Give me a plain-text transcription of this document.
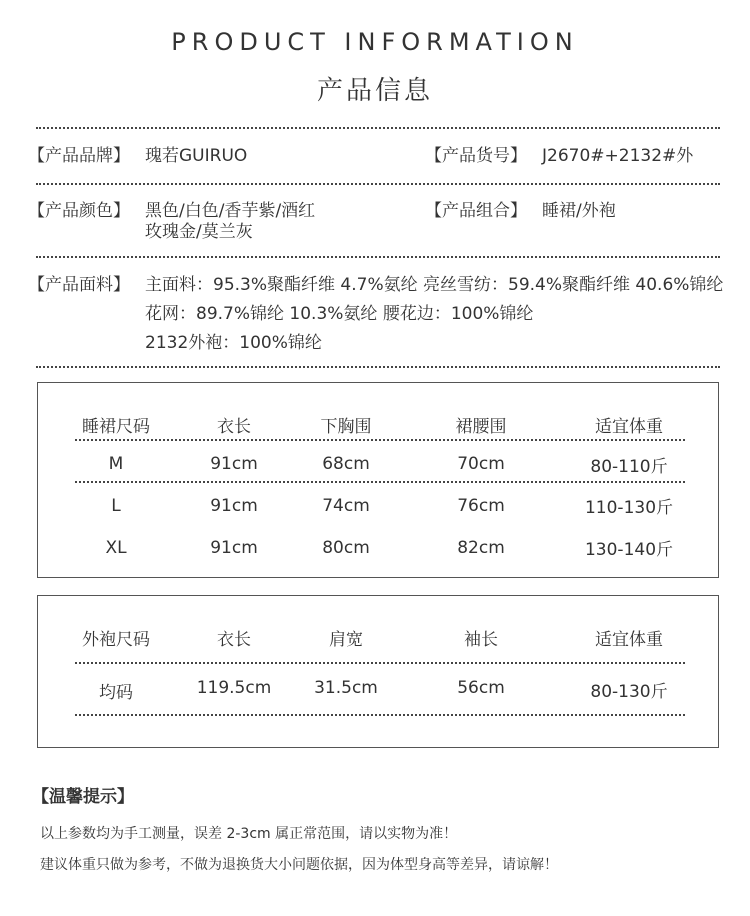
PRODUCT INFORMATION
产品信息
【产品品牌】 瑰若GUIRUO	【产品货号】 J2670#+2132#外
【产品颜色】 黑色/白色/香芋紫/酒红
玫瑰金/莫兰灰
【产品组合】 睡裙/外袍
【产品面料】 主面料：95.3%聚酯纤维 4.7%氨纶 亮丝雪纺：59.4%聚酯纤维 40.6%锦纶
花网：89.7%锦纶 10.3%氨纶 腰花边：100%锦纶
2132外袍：100%锦纶
睡裙尺码	衣长	下胸围	裙腰围	适宜体重
M	91cm	68cm	70cm	80-110斤
L	91cm	74cm	76cm	110-130斤
XL	91cm	80cm	82cm	130-140斤
外袍尺码	衣长	肩宽	袖长	适宜体重
均码	119.5cm	31.5cm	56cm	80-130斤
【温馨提示】
以上参数均为手工测量，误差 2-3cm 属正常范围，请以实物为准！
建议体重只做为参考，不做为退换货大小问题依据，因为体型身高等差异，请谅解！
